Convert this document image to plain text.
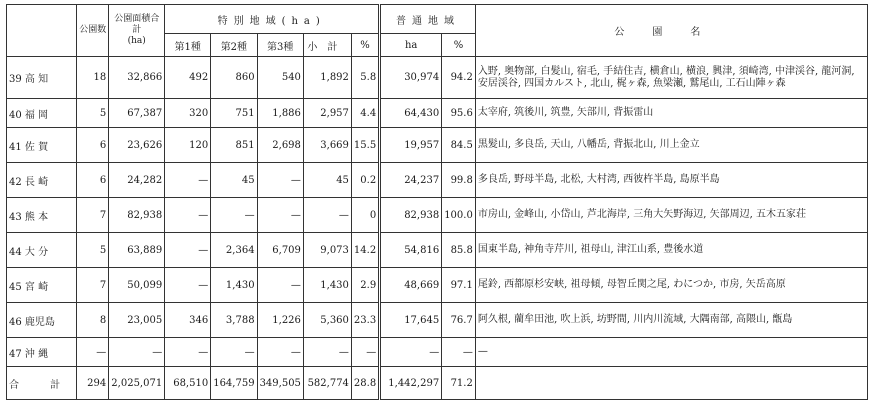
	公園数	公園面積合計
(ha)	特別地域(ha)					普通地域		公園名
			第1種	第2種	第3種	小計	%	ha	%	
39 高 知	18	32,866	492	860	540	1,892	5.8	30,974	94.2	入野, 奥物部, 白髪山, 宿毛, 手結住吉, 横倉山, 横浪, 興津, 須崎湾, 中津渓谷, 龍河洞, 安居渓谷, 四国カルスト, 北山, 梶ヶ森, 魚梁瀬, 鷲尾山, 工石山陣ヶ森
40 福 岡	5	67,387	320	751	1,886	2,957	4.4	64,430	95.6	太宰府, 筑後川, 筑豊, 矢部川, 背振雷山
41 佐 賀	6	23,626	120	851	2,698	3,669	15.5	19,957	84.5	黒髪山, 多良岳, 天山, 八幡岳, 背振北山, 川上金立
42 長 崎	6	24,282	—	45	—	45	0.2	24,237	99.8	多良岳, 野母半島, 北松, 大村湾, 西彼杵半島, 島原半島
43 熊 本	7	82,938	—	—	—	—	0	82,938	100.0	市房山, 金峰山, 小岱山, 芦北海岸, 三角大矢野海辺, 矢部周辺, 五木五家荘
44 大 分	5	63,889	—	2,364	6,709	9,073	14.2	54,816	85.8	国東半島, 神角寺芹川, 祖母山, 津江山系, 豊後水道
45 宮 崎	7	50,099	—	1,430	—	1,430	2.9	48,669	97.1	尾鈴, 西都原杉安峡, 祖母傾, 母智丘関之尾, わにつか, 市房, 矢岳高原
46 鹿児島	8	23,005	346	3,788	1,226	5,360	23.3	17,645	76.7	阿久根, 藺牟田池, 吹上浜, 坊野間, 川内川流域, 大隅南部, 高隈山, 甑島
47 沖 縄	—	—	—	—	—	—	—	—	—	—
合 計	294	2,025,071	68,510	164,759	349,505	582,774	28.8	1,442,297	71.2	
